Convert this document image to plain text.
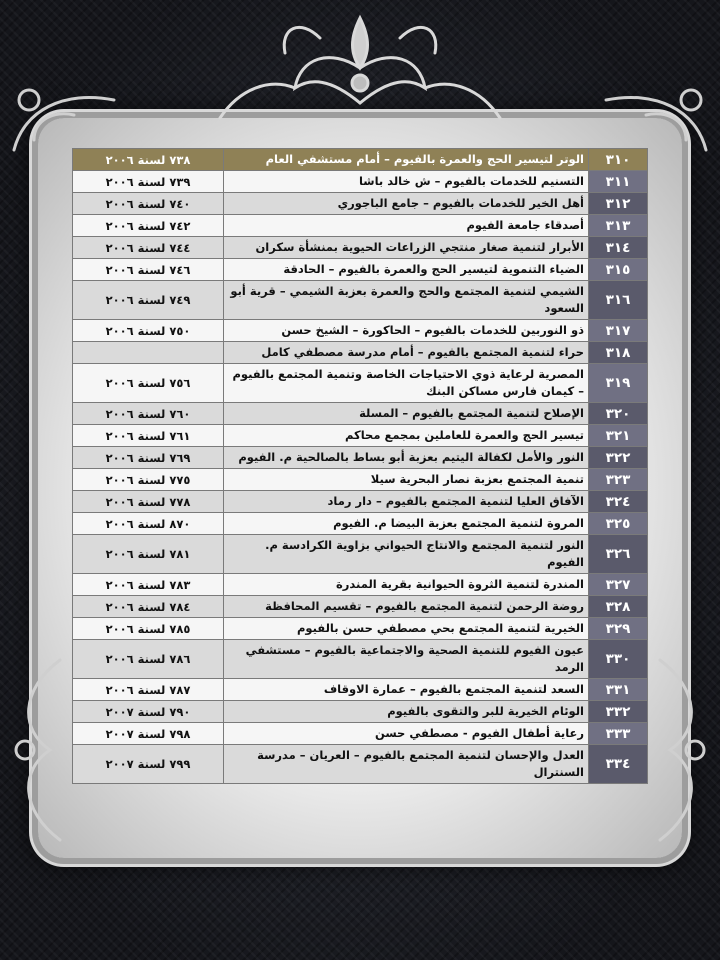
٧٣٨ لسنة ٢٠٠٦	الوتر لتيسير الحج والعمرة بالفيوم – أمام مستشفي العام	٣١٠
٧٣٩ لسنة ٢٠٠٦	التسنيم للخدمات بالفيوم – ش خالد باشا	٣١١
٧٤٠ لسنة ٢٠٠٦	أهل الخير للخدمات بالفيوم – جامع الباجوري	٣١٢
٧٤٢ لسنة ٢٠٠٦	أصدقاء جامعة الفيوم	٣١٣
٧٤٤ لسنة ٢٠٠٦	الأبرار لتنمية صغار منتجي الزراعات الحيوية بمنشأة سكران	٣١٤
٧٤٦ لسنة ٢٠٠٦	الضياء التنموية لتيسير الحج والعمرة بالفيوم – الحادقة	٣١٥
٧٤٩ لسنة ٢٠٠٦	الشيمي لتنمية المجتمع والحج والعمرة بعزبة الشيمي – قرية أبو السعود	٣١٦
٧٥٠ لسنة ٢٠٠٦	ذو النوربين للخدمات بالفيوم – الحاكورة – الشيخ حسن	٣١٧
	حراء لتنمية المجتمع بالفيوم – أمام مدرسة مصطفي كامل	٣١٨
٧٥٦ لسنة ٢٠٠٦	المصرية لرعاية ذوي الاحتياجات الخاصة وتنمية المجتمع بالفيوم – كيمان فارس مساكن البنك	٣١٩
٧٦٠ لسنة ٢٠٠٦	الإصلاح لتنمية المجتمع بالفيوم – المسلة	٣٢٠
٧٦١ لسنة ٢٠٠٦	تيسير الحج والعمرة للعاملين بمجمع محاكم	٣٢١
٧٦٩ لسنة ٢٠٠٦	النور والأمل لكفالة اليتيم بعزبة أبو بساط بالصالحية م. الفيوم	٣٢٢
٧٧٥ لسنة ٢٠٠٦	تنمية المجتمع بعزبة نصار البحرية سيلا	٣٢٣
٧٧٨ لسنة ٢٠٠٦	الآفاق العليا لتنمية المجتمع بالفيوم – دار رماد	٣٢٤
٨٧٠ لسنة ٢٠٠٦	المروة لتنمية المجتمع بعزبة البيضا م. الفيوم	٣٢٥
٧٨١ لسنة ٢٠٠٦	النور لتنمية المجتمع والانتاج الحيواني بزاوية الكرادسة م. الفيوم	٣٢٦
٧٨٣ لسنة ٢٠٠٦	المندرة لتنمية الثروة الحيوانية بقرية المندرة	٣٢٧
٧٨٤ لسنة ٢٠٠٦	روضة الرحمن لتنمية المجتمع بالفيوم – تقسيم المحافظة	٣٢٨
٧٨٥ لسنة ٢٠٠٦	الخيرية لتنمية المجتمع بحي مصطفي حسن بالفيوم	٣٢٩
٧٨٦ لسنة ٢٠٠٦	عيون الفيوم للتنمية الصحية والاجتماعية بالفيوم – مستشفي الرمد	٣٣٠
٧٨٧ لسنة ٢٠٠٦	السعد لتنمية المجتمع بالفيوم – عمارة الاوقاف	٣٣١
٧٩٠ لسنة ٢٠٠٧	الوئام الخيرية للبر والتقوى بالفيوم	٣٣٢
٧٩٨ لسنة ٢٠٠٧	رعاية أطفال الفيوم - مصطفي حسن	٣٣٣
٧٩٩ لسنة ٢٠٠٧	العدل والإحسان لتنمية المجتمع بالفيوم – العريان – مدرسة السنترال	٣٣٤
